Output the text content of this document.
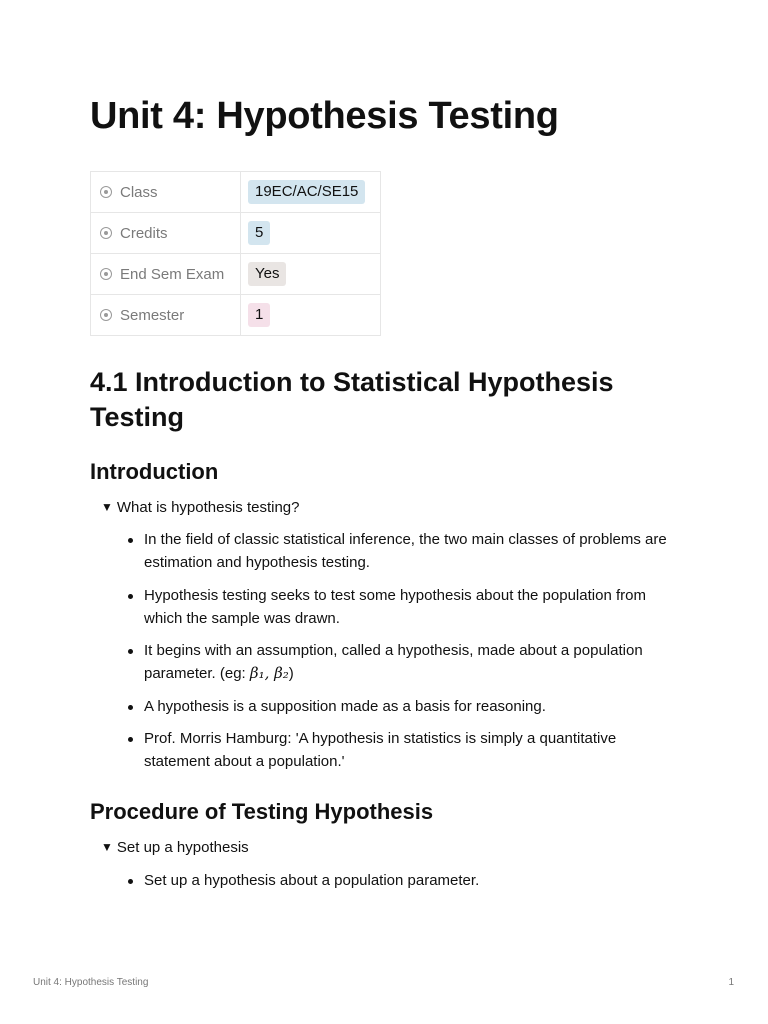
Unit 4: Hypothesis Testing
Class	19EC/AC/SE15
Credits	5
End Sem Exam	Yes
Semester	1
4.1 Introduction to Statistical Hypothesis Testing
Introduction
▼ What is hypothesis testing?
In the field of classic statistical inference, the two main classes of problems are estimation and hypothesis testing.
Hypothesis testing seeks to test some hypothesis about the population from which the sample was drawn.
It begins with an assumption, called a hypothesis, made about a population parameter. (eg: β₁, β₂)
A hypothesis is a supposition made as a basis for reasoning.
Prof. Morris Hamburg: 'A hypothesis in statistics is simply a quantitative statement about a population.'
Procedure of Testing Hypothesis
▼ Set up a hypothesis
Set up a hypothesis about a population parameter.
Unit 4: Hypothesis Testing	1
